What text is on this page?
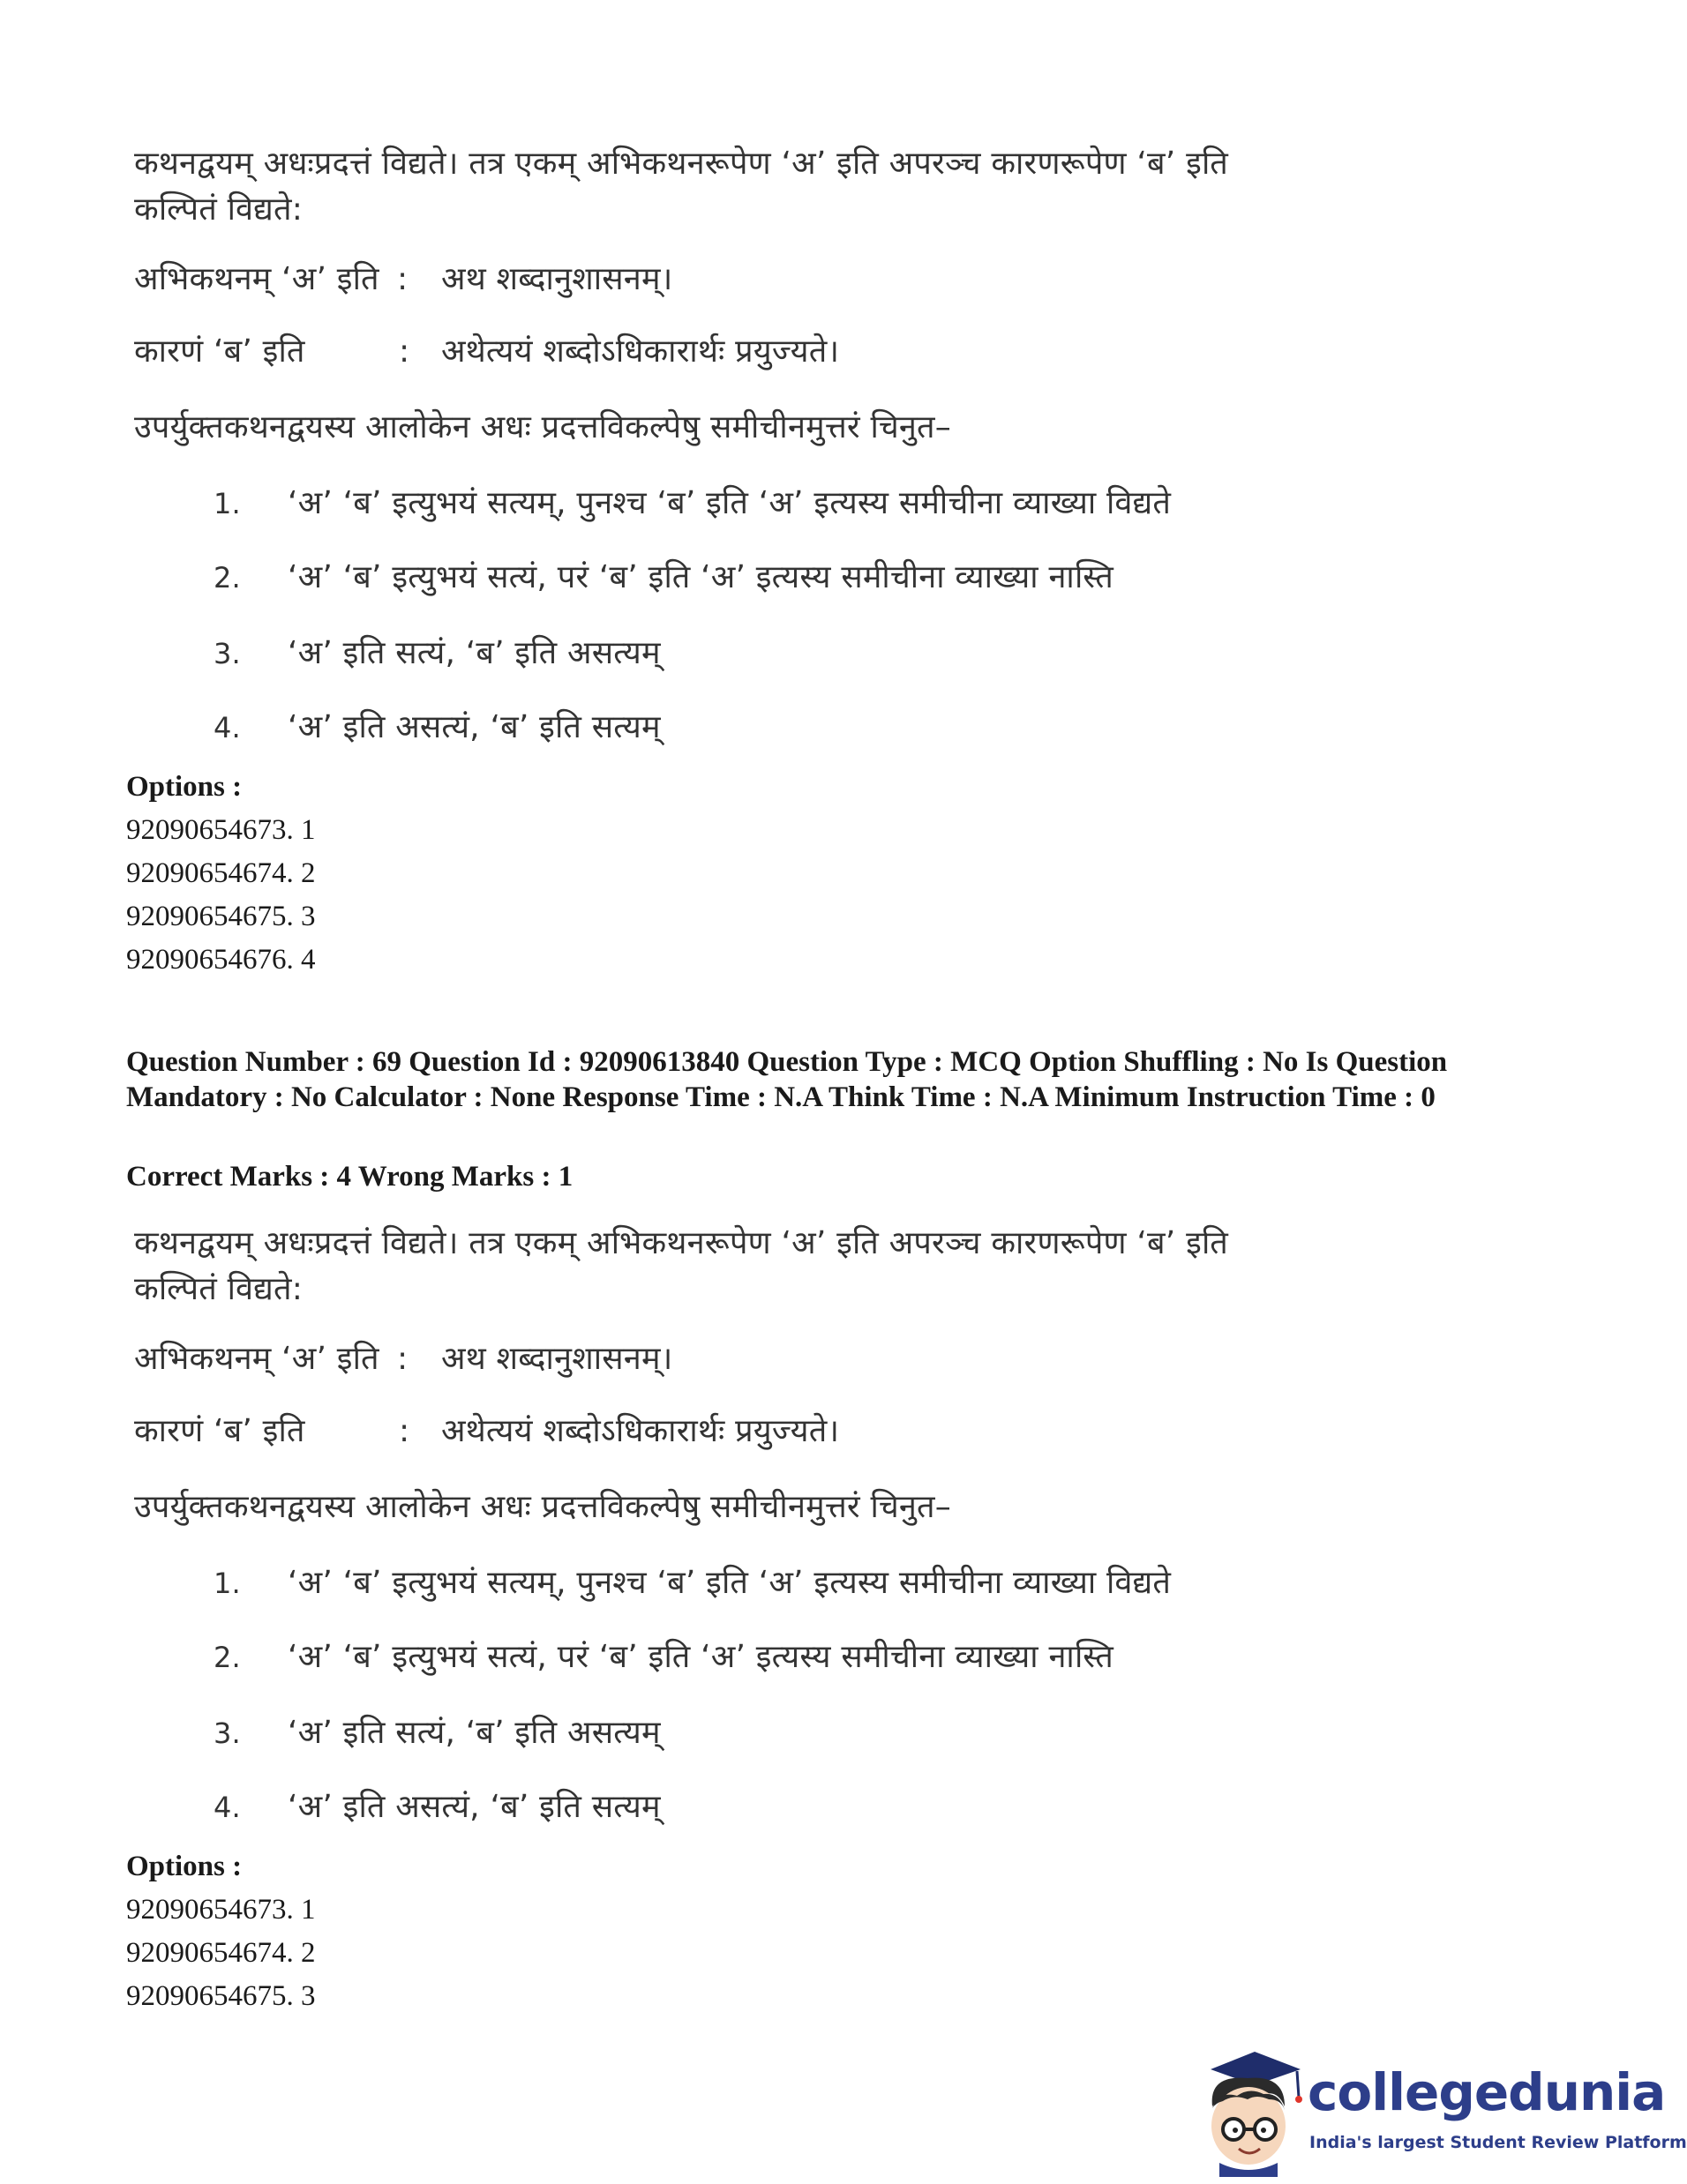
कथनद्वयम् अधःप्रदत्तं विद्यते। तत्र एकम् अभिकथनरूपेण ‘अ’ इति अपरञ्च कारणरूपेण ‘ब’ इति कल्पितं विद्यते:
अभिकथनम् ‘अ’ इति : अथ शब्दानुशासनम्।
कारणं ‘ब’ इति	: अथेत्ययं शब्दोऽधिकारार्थः प्रयुज्यते।
उपर्युक्तकथनद्वयस्य आलोकेन अधः प्रदत्तविकल्पेषु समीचीनमुत्तरं चिनुत–
1. ‘अ’ ‘ब’ इत्युभयं सत्यम्, पुनश्च ‘ब’ इति ‘अ’ इत्यस्य समीचीना व्याख्या विद्यते
2. ‘अ’ ‘ब’ इत्युभयं सत्यं, परं ‘ब’ इति ‘अ’ इत्यस्य समीचीना व्याख्या नास्ति
3. ‘अ’ इति सत्यं, ‘ब’ इति असत्यम्
4. ‘अ’ इति असत्यं, ‘ब’ इति सत्यम्
Options :
92090654673. 1
92090654674. 2
92090654675. 3
92090654676. 4
Question Number : 69 Question Id : 92090613840 Question Type : MCQ Option Shuffling : No Is Question Mandatory : No Calculator : None Response Time : N.A Think Time : N.A Minimum Instruction Time : 0
Correct Marks : 4 Wrong Marks : 1
कथनद्वयम् अधःप्रदत्तं विद्यते। तत्र एकम् अभिकथनरूपेण ‘अ’ इति अपरञ्च कारणरूपेण ‘ब’ इति कल्पितं विद्यते:
अभिकथनम् ‘अ’ इति : अथ शब्दानुशासनम्।
कारणं ‘ब’ इति	: अथेत्ययं शब्दोऽधिकारार्थः प्रयुज्यते।
उपर्युक्तकथनद्वयस्य आलोकेन अधः प्रदत्तविकल्पेषु समीचीनमुत्तरं चिनुत–
1. ‘अ’ ‘ब’ इत्युभयं सत्यम्, पुनश्च ‘ब’ इति ‘अ’ इत्यस्य समीचीना व्याख्या विद्यते
2. ‘अ’ ‘ब’ इत्युभयं सत्यं, परं ‘ब’ इति ‘अ’ इत्यस्य समीचीना व्याख्या नास्ति
3. ‘अ’ इति सत्यं, ‘ब’ इति असत्यम्
4. ‘अ’ इति असत्यं, ‘ब’ इति सत्यम्
Options :
92090654673. 1
92090654674. 2
92090654675. 3
collegedunia
India's largest Student Review Platform
